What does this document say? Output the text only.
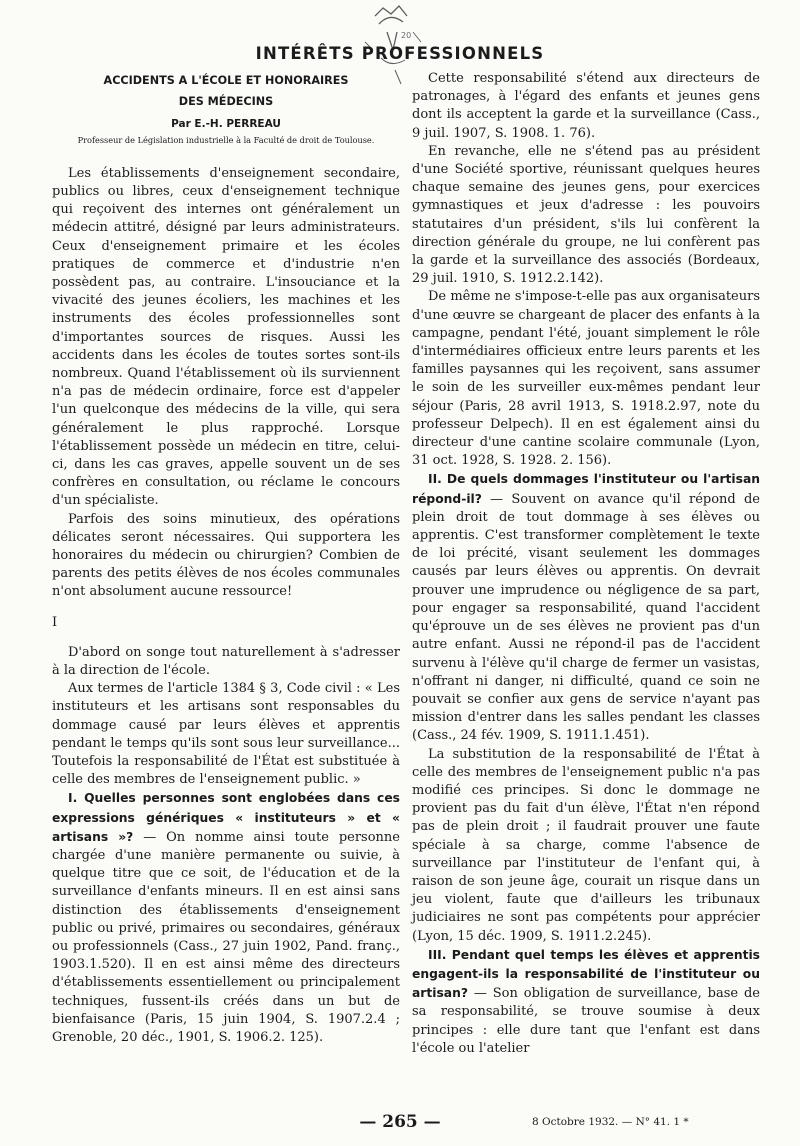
20
INTÉRÊTS PROFESSIONNELS
ACCIDENTS A L'ÉCOLE ET HONORAIRES
DES MÉDECINS
Par E.-H. PERREAU
Professeur de Législation industrielle à la Faculté de droit de Toulouse.

Les établissements d'enseignement secondaire, publics ou libres, ceux d'enseignement technique qui reçoivent des internes ont généralement un médecin attitré, désigné par leurs administrateurs. Ceux d'enseignement primaire et les écoles pratiques de commerce et d'industrie n'en possèdent pas, au contraire. L'insouciance et la vivacité des jeunes écoliers, les machines et les instruments des écoles professionnelles sont d'importantes sources de risques. Aussi les accidents dans les écoles de toutes sortes sont-ils nombreux. Quand l'établissement où ils surviennent n'a pas de médecin ordinaire, force est d'appeler l'un quelconque des médecins de la ville, qui sera généralement le plus rapproché. Lorsque l'établissement possède un médecin en titre, celui-ci, dans les cas graves, appelle souvent un de ses confrères en consultation, ou réclame le concours d'un spécialiste.

Parfois des soins minutieux, des opérations délicates seront nécessaires. Qui supportera les honoraires du médecin ou chirurgien? Combien de parents des petits élèves de nos écoles communales n'ont absolument aucune ressource!

I

D'abord on songe tout naturellement à s'adresser à la direction de l'école.

Aux termes de l'article 1384 § 3, Code civil : « Les instituteurs et les artisans sont responsables du dommage causé par leurs élèves et apprentis pendant le temps qu'ils sont sous leur surveillance... Toutefois la responsabilité de l'État est substituée à celle des membres de l'enseignement public. »

I. Quelles personnes sont englobées dans ces expressions génériques « instituteurs » et « artisans »? — On nomme ainsi toute personne chargée d'une manière permanente ou suivie, à quelque titre que ce soit, de l'éducation et de la surveillance d'enfants mineurs. Il en est ainsi sans distinction des établissements d'enseignement public ou privé, primaires ou secondaires, généraux ou professionnels (Cass., 27 juin 1902, Pand. franç., 1903.1.520). Il en est ainsi même des directeurs d'établissements essentiellement ou principalement techniques, fussent-ils créés dans un but de bienfaisance (Paris, 15 juin 1904, S. 1907.2.4 ; Grenoble, 20 déc., 1901, S. 1906.2. 125).

Cette responsabilité s'étend aux directeurs de patronages, à l'égard des enfants et jeunes gens dont ils acceptent la garde et la surveillance (Cass., 9 juil. 1907, S. 1908. 1. 76).

En revanche, elle ne s'étend pas au président d'une Société sportive, réunissant quelques heures chaque semaine des jeunes gens, pour exercices gymnastiques et jeux d'adresse : les pouvoirs statutaires d'un président, s'ils lui confèrent la direction générale du groupe, ne lui confèrent pas la garde et la surveillance des associés (Bordeaux, 29 juil. 1910, S. 1912.2.142).

De même ne s'impose-t-elle pas aux organisateurs d'une œuvre se chargeant de placer des enfants à la campagne, pendant l'été, jouant simplement le rôle d'intermédiaires officieux entre leurs parents et les familles paysannes qui les reçoivent, sans assumer le soin de les surveiller eux-mêmes pendant leur séjour (Paris, 28 avril 1913, S. 1918.2.97, note du professeur Delpech). Il en est également ainsi du directeur d'une cantine scolaire communale (Lyon, 31 oct. 1928, S. 1928. 2. 156).

II. De quels dommages l'instituteur ou l'artisan répond-il? — Souvent on avance qu'il répond de plein droit de tout dommage à ses élèves ou apprentis. C'est transformer complètement le texte de loi précité, visant seulement les dommages causés par leurs élèves ou apprentis. On devrait prouver une imprudence ou négligence de sa part, pour engager sa responsabilité, quand l'accident qu'éprouve un de ses élèves ne provient pas d'un autre enfant. Aussi ne répond-il pas de l'accident survenu à l'élève qu'il charge de fermer un vasistas, n'offrant ni danger, ni difficulté, quand ce soin ne pouvait se confier aux gens de service n'ayant pas mission d'entrer dans les salles pendant les classes (Cass., 24 fév. 1909, S. 1911.1.451).

La substitution de la responsabilité de l'État à celle des membres de l'enseignement public n'a pas modifié ces principes. Si donc le dommage ne provient pas du fait d'un élève, l'État n'en répond pas de plein droit ; il faudrait prouver une faute spéciale à sa charge, comme l'absence de surveillance par l'instituteur de l'enfant qui, à raison de son jeune âge, courait un risque dans un jeu violent, faute que d'ailleurs les tribunaux judiciaires ne sont pas compétents pour apprécier (Lyon, 15 déc. 1909, S. 1911.2.245).

III. Pendant quel temps les élèves et apprentis engagent-ils la responsabilité de l'instituteur ou artisan? — Son obligation de surveillance, base de sa responsabilité, se trouve soumise à deux principes : elle dure tant que l'enfant est dans l'école ou l'atelier

— 265 —	8 Octobre 1932. — N° 41. 1 *
